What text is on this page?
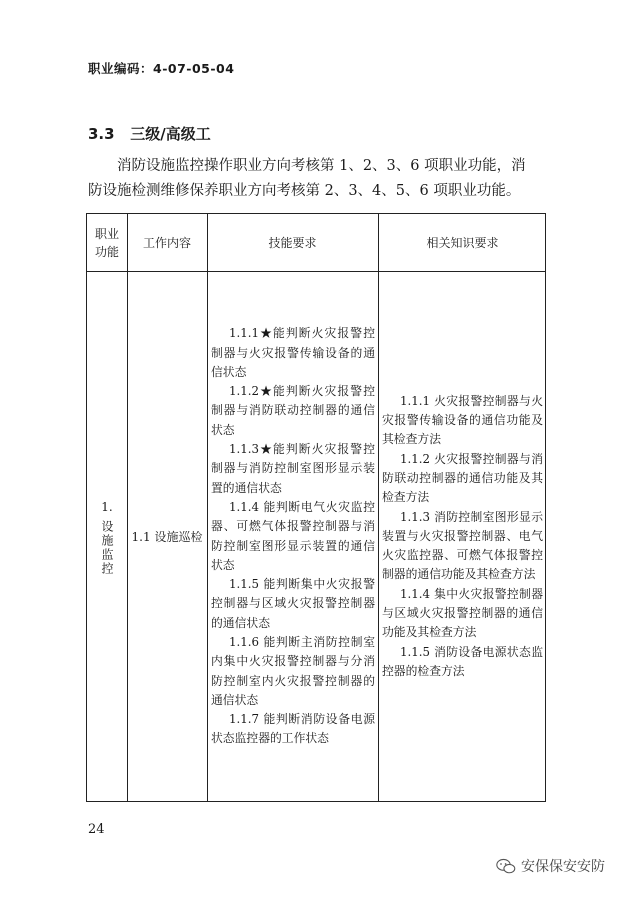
职业编码：4-07-05-04
3.3 三级/高级工

消防设施监控操作职业方向考核第 1、2、3、6 项职业功能，消

防设施检测维修保养职业方向考核第 2、3、4、5、6 项职业功能。

职业
功能
工作内容	技能要求	相关知识要求
1.
设施监控 1.1 设施巡检

1.1.1★能判断火灾报警控制器与火灾报警传输设备的通信状态

1.1.2★能判断火灾报警控制器与消防联动控制器的通信状态

1.1.3★能判断火灾报警控制器与消防控制室图形显示装置的通信状态

1.1.4 能判断电气火灾监控器、可燃气体报警控制器与消防控制室图形显示装置的通信状态

1.1.5 能判断集中火灾报警控制器与区域火灾报警控制器的通信状态

1.1.6 能判断主消防控制室内集中火灾报警控制器与分消防控制室内火灾报警控制器的通信状态

1.1.7 能判断消防设备电源状态监控器的工作状态

1.1.1 火灾报警控制器与火灾报警传输设备的通信功能及其检查方法

1.1.2 火灾报警控制器与消防联动控制器的通信功能及其检查方法

1.1.3 消防控制室图形显示装置与火灾报警控制器、电气火灾监控器、可燃气体报警控制器的通信功能及其检查方法

1.1.4 集中火灾报警控制器与区域火灾报警控制器的通信功能及其检查方法

1.1.5 消防设备电源状态监控器的检查方法

24
安保保安安防
